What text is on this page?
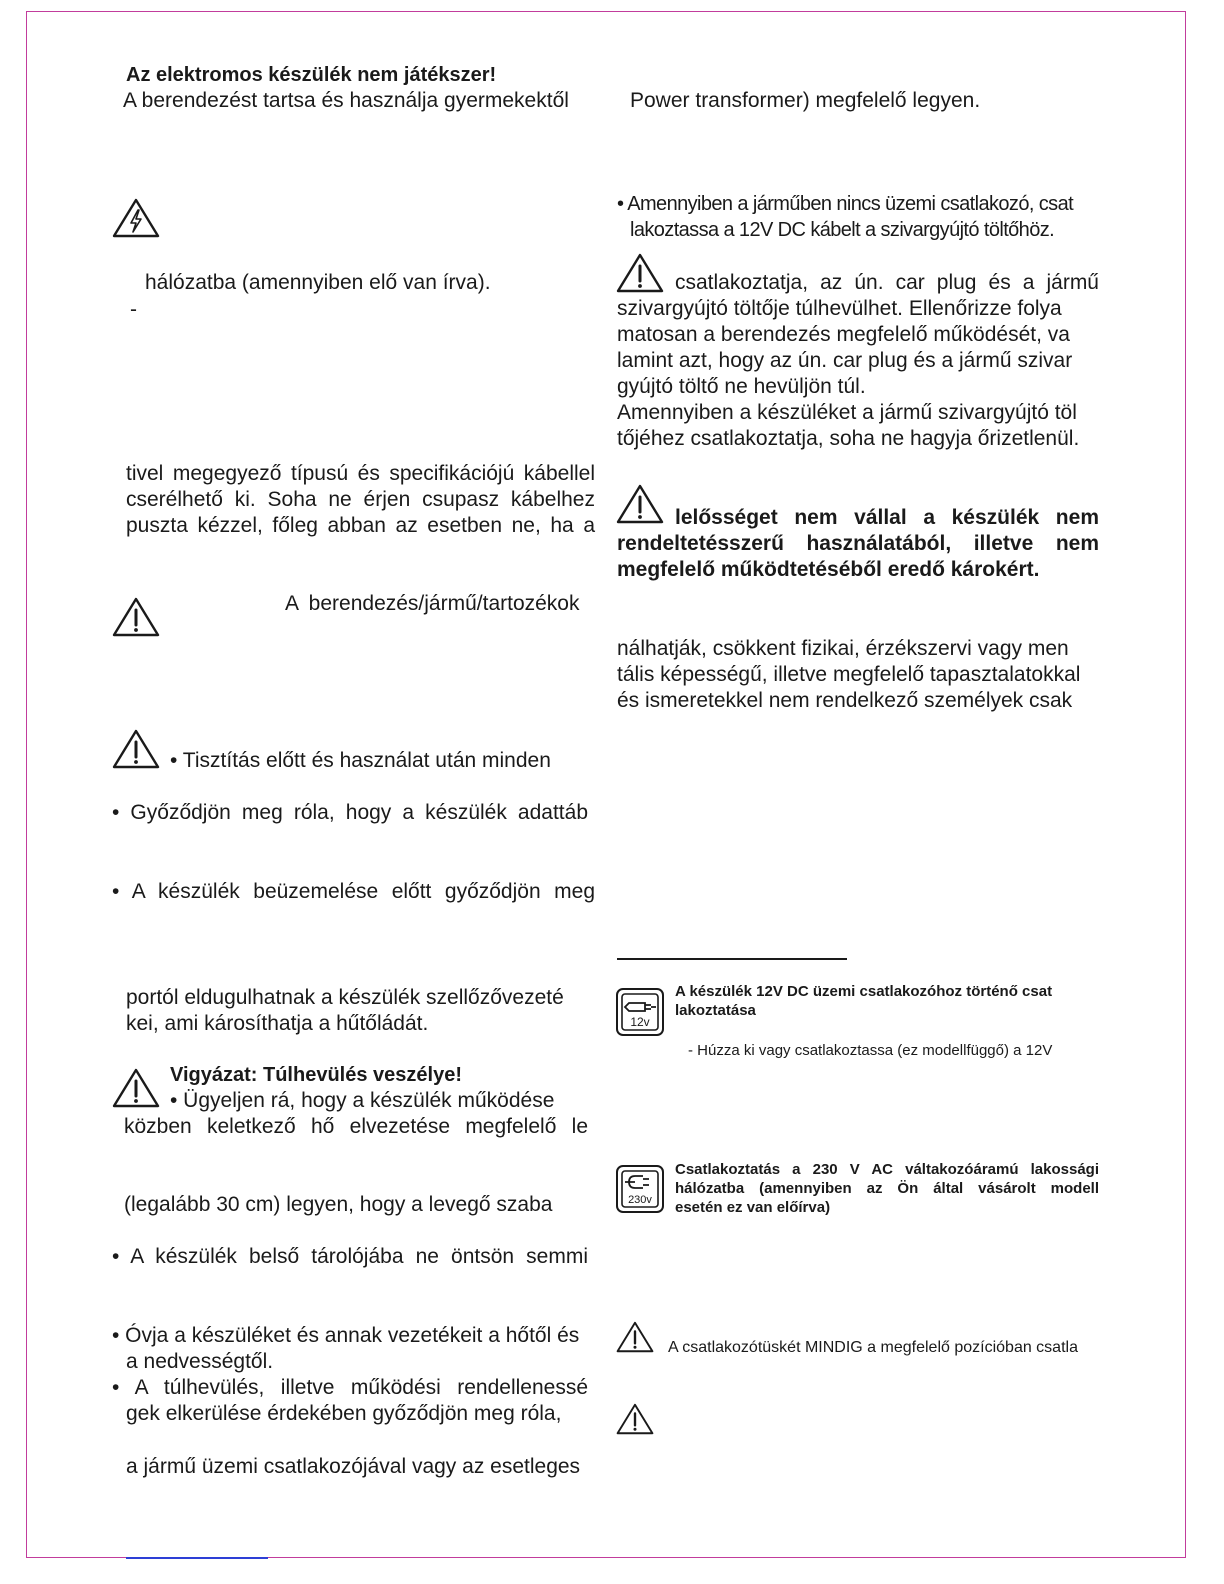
Az elektromos készülék nem játékszer!
A berendezést tartsa és használja gyermekektől
hálózatba (amennyiben elő van írva).
-
tivel megegyező típusú és specifikációjú kábellel
cserélhető ki. Soha ne érjen csupasz kábelhez
puszta kézzel, főleg abban az esetben ne, ha a
A berendezés/jármű/tartozékok
• Tisztítás előtt és használat után minden
• Győződjön meg róla, hogy a készülék adattáb
• A készülék beüzemelése előtt győződjön meg
portól eldugulhatnak a készülék szellőzővezeté
kei, ami károsíthatja a hűtőládát.
Vigyázat: Túlhevülés veszélye!
• Ügyeljen rá, hogy a készülék működése
közben keletkező hő elvezetése megfelelő le
(legalább 30 cm) legyen, hogy a levegő szaba
• A készülék belső tárolójába ne öntsön semmi
• Óvja a készüléket és annak vezetékeit a hőtől és
a nedvességtől.
• A túlhevülés, illetve működési rendellenessé
gek elkerülése érdekében győződjön meg róla,
a jármű üzemi csatlakozójával vagy az esetleges
Power transformer) megfelelő legyen.
• Amennyiben a járműben nincs üzemi csatlakozó, csat
lakoztassa a 12V DC kábelt a szivargyújtó töltőhöz.
csatlakoztatja, az ún. car plug és a jármű
szivargyújtó töltője túlhevülhet. Ellenőrizze folya
matosan a berendezés megfelelő működését, va
lamint azt, hogy az ún. car plug és a jármű szivar
gyújtó töltő ne hevüljön túl.
Amennyiben a készüléket a jármű szivargyújtó töl
tőjéhez csatlakoztatja, soha ne hagyja őrizetlenül.
lelősséget nem vállal a készülék nem
rendeltetésszerű használatából, illetve nem
megfelelő működtetéséből eredő károkért.
nálhatják, csökkent fizikai, érzékszervi vagy men
tális képességű, illetve megfelelő tapasztalatokkal
és ismeretekkel nem rendelkező személyek csak
12v
A készülék 12V DC üzemi csatlakozóhoz történő csat
lakoztatása
- Húzza ki vagy csatlakoztassa (ez modellfüggő) a 12V
230v
Csatlakoztatás a 230 V AC váltakozóáramú lakossági
hálózatba (amennyiben az Ön által vásárolt modell
esetén ez van előírva)
A csatlakozótüskét MINDIG a megfelelő pozícióban csatla
